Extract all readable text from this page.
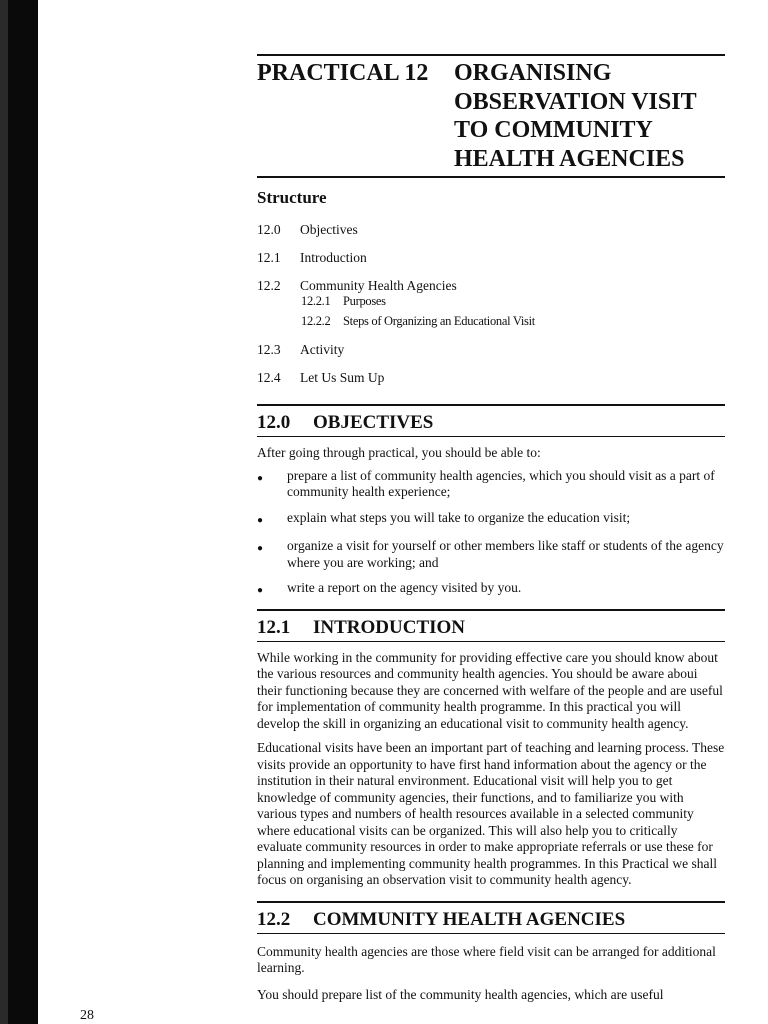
28
PRACTICAL 12	ORGANISING
OBSERVATION VISIT
TO COMMUNITY
HEALTH AGENCIES
Structure
12.0	Objectives
12.1	Introduction
12.2	Community Health Agencies
12.2.1	Purposes
12.2.2	Steps of Organizing an Educational Visit
12.3	Activity
12.4	Let Us Sum Up
12.0	OBJECTIVES

After going through practical, you should be able to:

●	prepare a list of community health agencies, which you should visit as a part of community health experience;
●	explain what steps you will take to organize the education visit;
●	organize a visit for yourself or other members like staff or students of the agency where you are working; and
●	write a report on the agency visited by you.
12.1	INTRODUCTION

While working in the community for providing effective care you should know about the various resources and community health agencies. You should be aware aboui their functioning because they are concerned with welfare of the people and are useful for implementation of community health programme. In this practical you will develop the skill in organizing an educational visit to community health agency.

Educational visits have been an important part of teaching and learning process. These visits provide an opportunity to have first hand information about the agency or the institution in their natural environment. Educational visit will help you to get knowledge of community agencies, their functions, and to familiarize you with various types and numbers of health resources available in a selected community where educational visits can be organized. This will also help you to critically evaluate community resources in order to make appropriate referrals or use these for planning and implementing community health programmes. In this Practical we shall focus on organising an observation visit to community health agency.

12.2	COMMUNITY HEALTH AGENCIES

Community health agencies are those where field visit can be arranged for additional learning.

You should prepare list of the community health agencies, which are useful
